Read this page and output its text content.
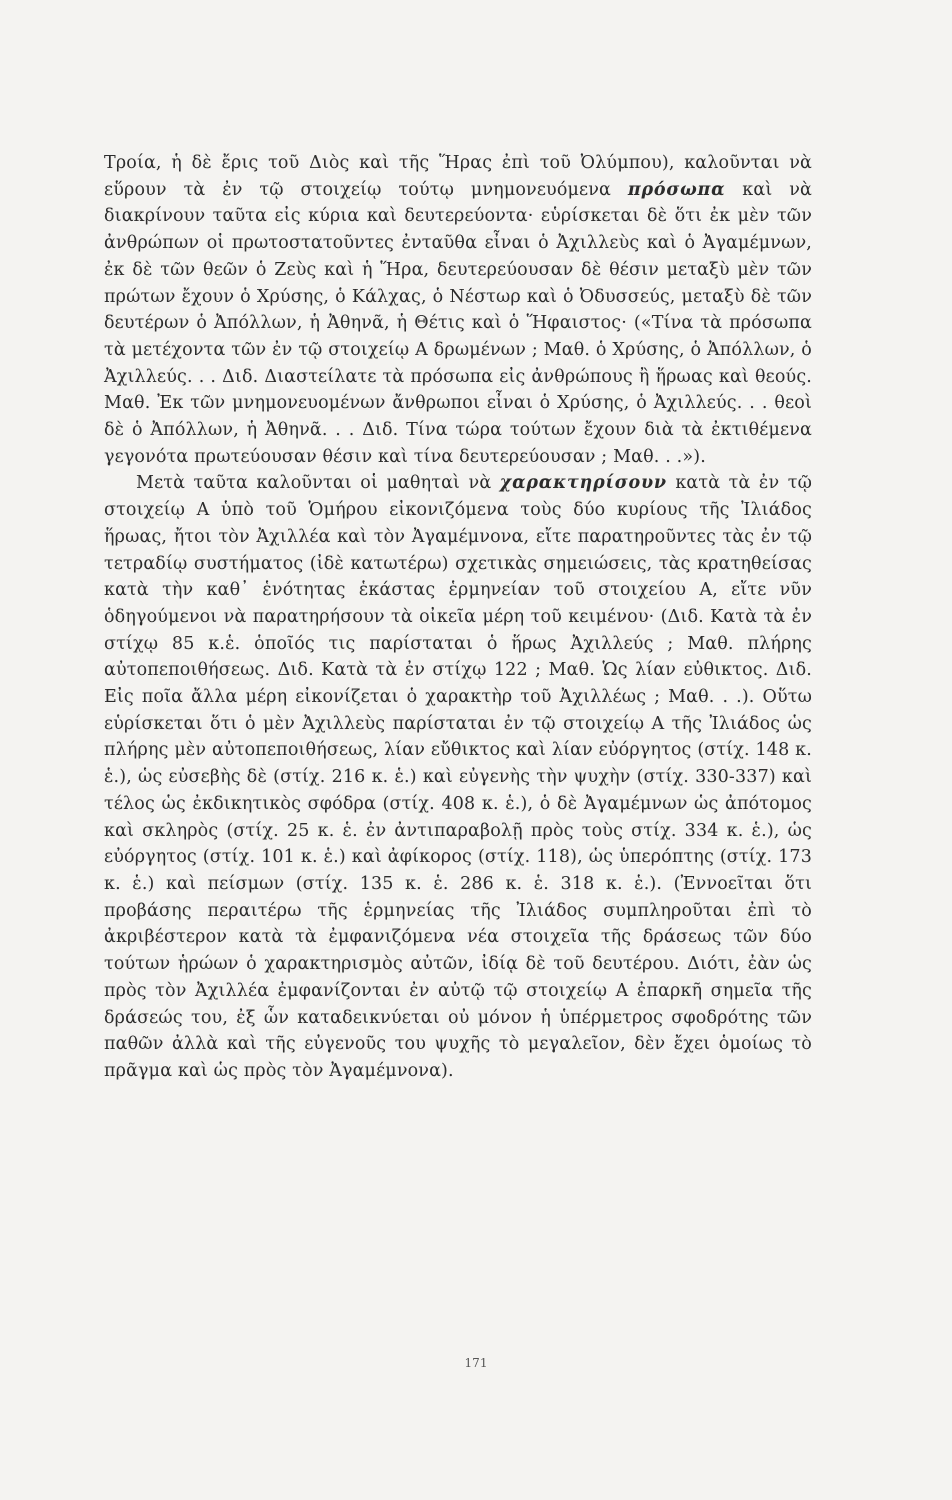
Τροία, ἡ δὲ ἔρις τοῦ Διὸς καὶ τῆς Ἥρας ἐπὶ τοῦ Ὀλύμπου), καλοῦνται νὰ εὕρουν τὰ ἐν τῷ στοιχείῳ τούτῳ μνημονευόμενα πρόσωπα καὶ νὰ διακρίνουν ταῦτα εἰς κύρια καὶ δευτερεύοντα· εὑρίσκεται δὲ ὅτι ἐκ μὲν τῶν ἀνθρώπων οἱ πρωτοστατοῦντες ἐνταῦθα εἶναι ὁ Ἀχιλλεὺς καὶ ὁ Ἀγαμέμνων, ἐκ δὲ τῶν θεῶν ὁ Ζεὺς καὶ ἡ Ἥρα, δευτερεύουσαν δὲ θέσιν μεταξὺ μὲν τῶν πρώτων ἔχουν ὁ Χρύσης, ὁ Κάλχας, ὁ Νέστωρ καὶ ὁ Ὀδυσσεύς, μεταξὺ δὲ τῶν δευτέρων ὁ Ἀπόλλων, ἡ Ἀθηνᾶ, ἡ Θέτις καὶ ὁ Ἥφαιστος· («Τίνα τὰ πρόσωπα τὰ μετέχοντα τῶν ἐν τῷ στοιχείῳ Α δρωμένων ; Μαθ. ὁ Χρύσης, ὁ Ἀπόλλων, ὁ Ἀχιλλεύς. . . Διδ. Διαστείλατε τὰ πρόσωπα εἰς ἀνθρώπους ἢ ἥρωας καὶ θεούς. Μαθ. Ἐκ τῶν μνημονευομένων ἄνθρωποι εἶναι ὁ Χρύσης, ὁ Ἀχιλλεύς. . . θεοὶ δὲ ὁ Ἀπόλλων, ἡ Ἀθηνᾶ. . . Διδ. Τίνα τώρα τούτων ἔχουν διὰ τὰ ἐκτιθέμενα γεγονότα πρωτεύουσαν θέσιν καὶ τίνα δευτερεύουσαν ; Μαθ. . .»).

Μετὰ ταῦτα καλοῦνται οἱ μαθηταὶ νὰ χαρακτηρίσουν κατὰ τὰ ἐν τῷ στοιχείῳ Α ὑπὸ τοῦ Ὁμήρου εἰκονιζόμενα τοὺς δύο κυρίους τῆς Ἰλιάδος ἥρωας, ἤτοι τὸν Ἀχιλλέα καὶ τὸν Ἀγαμέμνονα, εἴτε παρατηροῦντες τὰς ἐν τῷ τετραδίῳ συστήματος (ἰδὲ κατωτέρω) σχετικὰς σημειώσεις, τὰς κρατηθείσας κατὰ τὴν καθ᾽ ἑνότητας ἑκάστας ἑρμηνείαν τοῦ στοιχείου Α, εἴτε νῦν ὁδηγούμενοι νὰ παρατηρήσουν τὰ οἰκεῖα μέρη τοῦ κειμένου· (Διδ. Κατὰ τὰ ἐν στίχῳ 85 κ.ἑ. ὁποῖός τις παρίσταται ὁ ἥρως Ἀχιλλεύς ; Μαθ. πλήρης αὐτοπεποιθήσεως. Διδ. Κατὰ τὰ ἐν στίχῳ 122 ; Μαθ. Ὡς λίαν εὐθικτος. Διδ. Εἰς ποῖα ἄλλα μέρη εἰκονίζεται ὁ χαρακτὴρ τοῦ Ἀχιλλέως ; Μαθ. . .). Οὕτω εὑρίσκεται ὅτι ὁ μὲν Ἀχιλλεὺς παρίσταται ἐν τῷ στοιχείῳ Α τῆς Ἰλιάδος ὡς πλήρης μὲν αὐτοπεποιθήσεως, λίαν εὔθικτος καὶ λίαν εὐόργητος (στίχ. 148 κ. ἑ.), ὡς εὐσεβὴς δὲ (στίχ. 216 κ. ἑ.) καὶ εὐγενὴς τὴν ψυχὴν (στίχ. 330-337) καὶ τέλος ὡς ἐκδικητικὸς σφόδρα (στίχ. 408 κ. ἑ.), ὁ δὲ Ἀγαμέμνων ὡς ἀπότομος καὶ σκληρὸς (στίχ. 25 κ. ἑ. ἐν ἀντιπαραβολῇ πρὸς τοὺς στίχ. 334 κ. ἑ.), ὡς εὐόργητος (στίχ. 101 κ. ἑ.) καὶ ἀφίκορος (στίχ. 118), ὡς ὑπερόπτης (στίχ. 173 κ. ἑ.) καὶ πείσμων (στίχ. 135 κ. ἑ. 286 κ. ἑ. 318 κ. ἑ.). (Ἐννοεῖται ὅτι προβάσης περαιτέρω τῆς ἑρμηνείας τῆς Ἰλιάδος συμπληροῦται ἐπὶ τὸ ἀκριβέστερον κατὰ τὰ ἐμφανιζόμενα νέα στοιχεῖα τῆς δράσεως τῶν δύο τούτων ἡρώων ὁ χαρακτηρισμὸς αὐτῶν, ἰδίᾳ δὲ τοῦ δευτέρου. Διότι, ἐὰν ὡς πρὸς τὸν Ἀχιλλέα ἐμφανίζονται ἐν αὐτῷ τῷ στοιχείῳ Α ἐπαρκῆ σημεῖα τῆς δράσεώς του, ἐξ ὧν καταδεικνύεται οὐ μόνον ἡ ὑπέρμετρος σφοδρότης τῶν παθῶν ἀλλὰ καὶ τῆς εὐγενοῦς του ψυχῆς τὸ μεγαλεῖον, δὲν ἔχει ὁμοίως τὸ πρᾶγμα καὶ ὡς πρὸς τὸν Ἀγαμέμνονα).

171
